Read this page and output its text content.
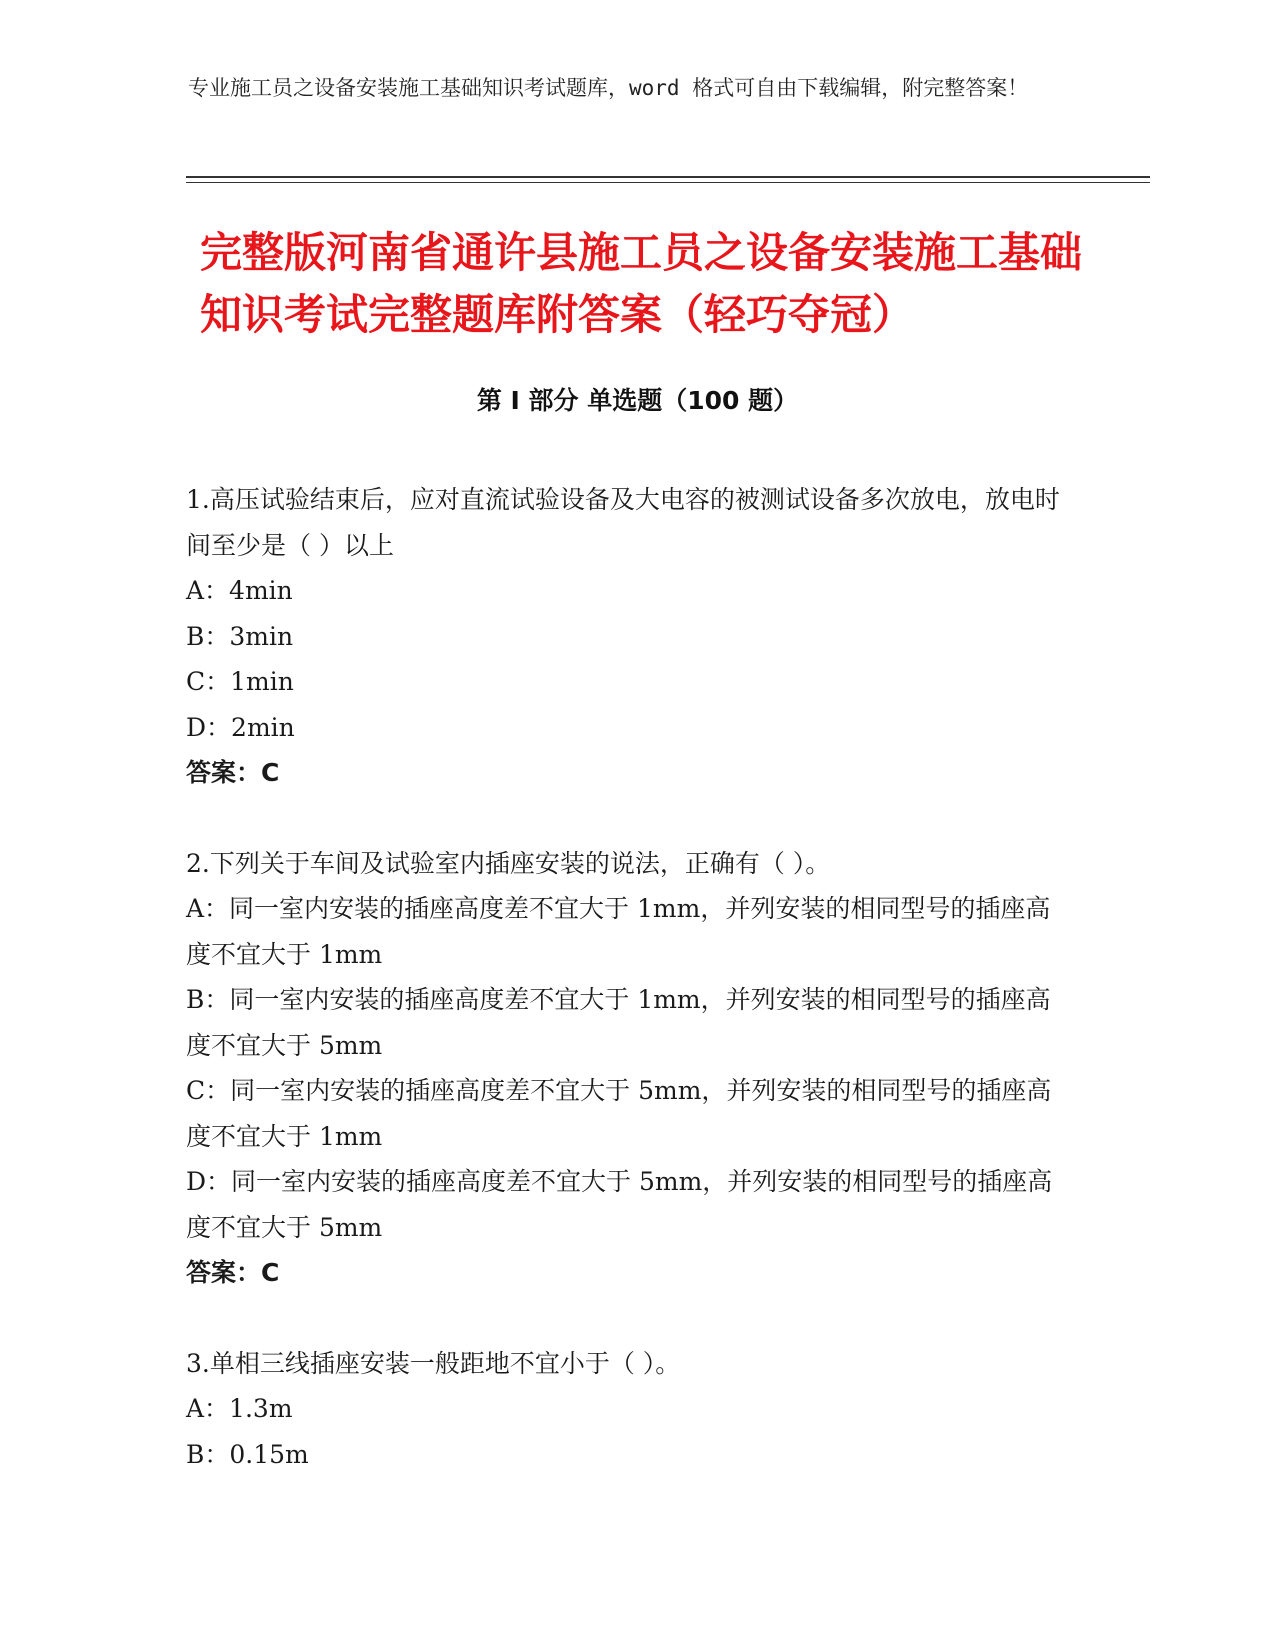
专业施工员之设备安装施工基础知识考试题库，word 格式可自由下载编辑，附完整答案！
完整版河南省通许县施工员之设备安装施工基础知识考试完整题库附答案（轻巧夺冠）
第 I 部分 单选题（100 题）

1.高压试验结束后，应对直流试验设备及大电容的被测试设备多次放电，放电时间至少是（ ）以上

A：4min

B：3min

C：1min

D：2min

答案：C

2.下列关于车间及试验室内插座安装的说法，正确有（ ）。

A：同一室内安装的插座高度差不宜大于 1mm，并列安装的相同型号的插座高度不宜大于 1mm

B：同一室内安装的插座高度差不宜大于 1mm，并列安装的相同型号的插座高度不宜大于 5mm

C：同一室内安装的插座高度差不宜大于 5mm，并列安装的相同型号的插座高度不宜大于 1mm

D：同一室内安装的插座高度差不宜大于 5mm，并列安装的相同型号的插座高度不宜大于 5mm

答案：C

3.单相三线插座安装一般距地不宜小于（ ）。

A：1.3m

B：0.15m
